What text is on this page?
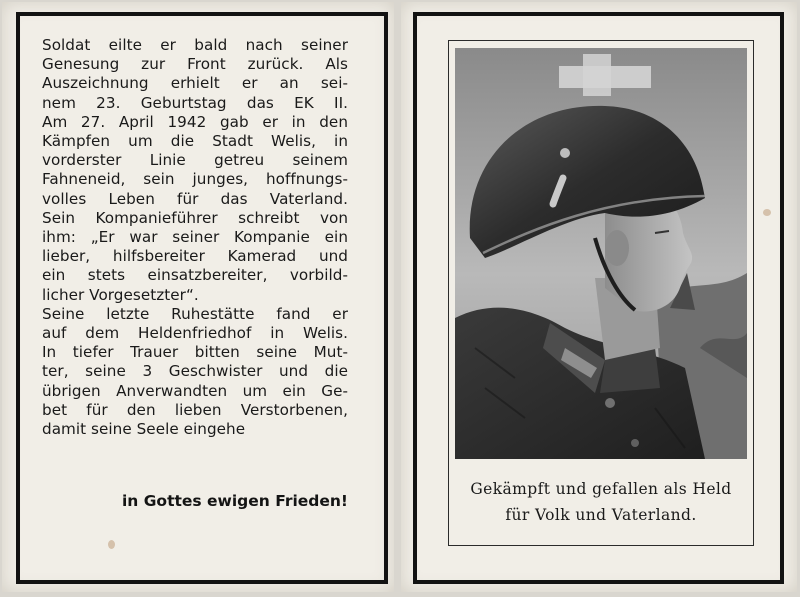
Soldat eilte er bald nach seiner
Genesung zur Front zurück. Als
Auszeichnung erhielt er an sei-
nem 23. Geburtstag das EK II.
Am 27. April 1942 gab er in den
Kämpfen um die Stadt Welis, in
vorderster Linie getreu seinem
Fahneneid, sein junges, hoffnungs-
volles Leben für das Vaterland.
Sein Kompanieführer schreibt von
ihm: „Er war seiner Kompanie ein
lieber, hilfsbereiter Kamerad und
ein stets einsatzbereiter, vorbild-
licher Vorgesetzter“.
Seine letzte Ruhestätte fand er
auf dem Heldenfriedhof in Welis.
In tiefer Trauer bitten seine Mut-
ter, seine 3 Geschwister und die
übrigen Anverwandten um ein Ge-
bet für den lieben Verstorbenen,
damit seine Seele eingehe
in Gottes ewigen Frieden!
Gekämpft und gefallen als Held
für Volk und Vaterland.
